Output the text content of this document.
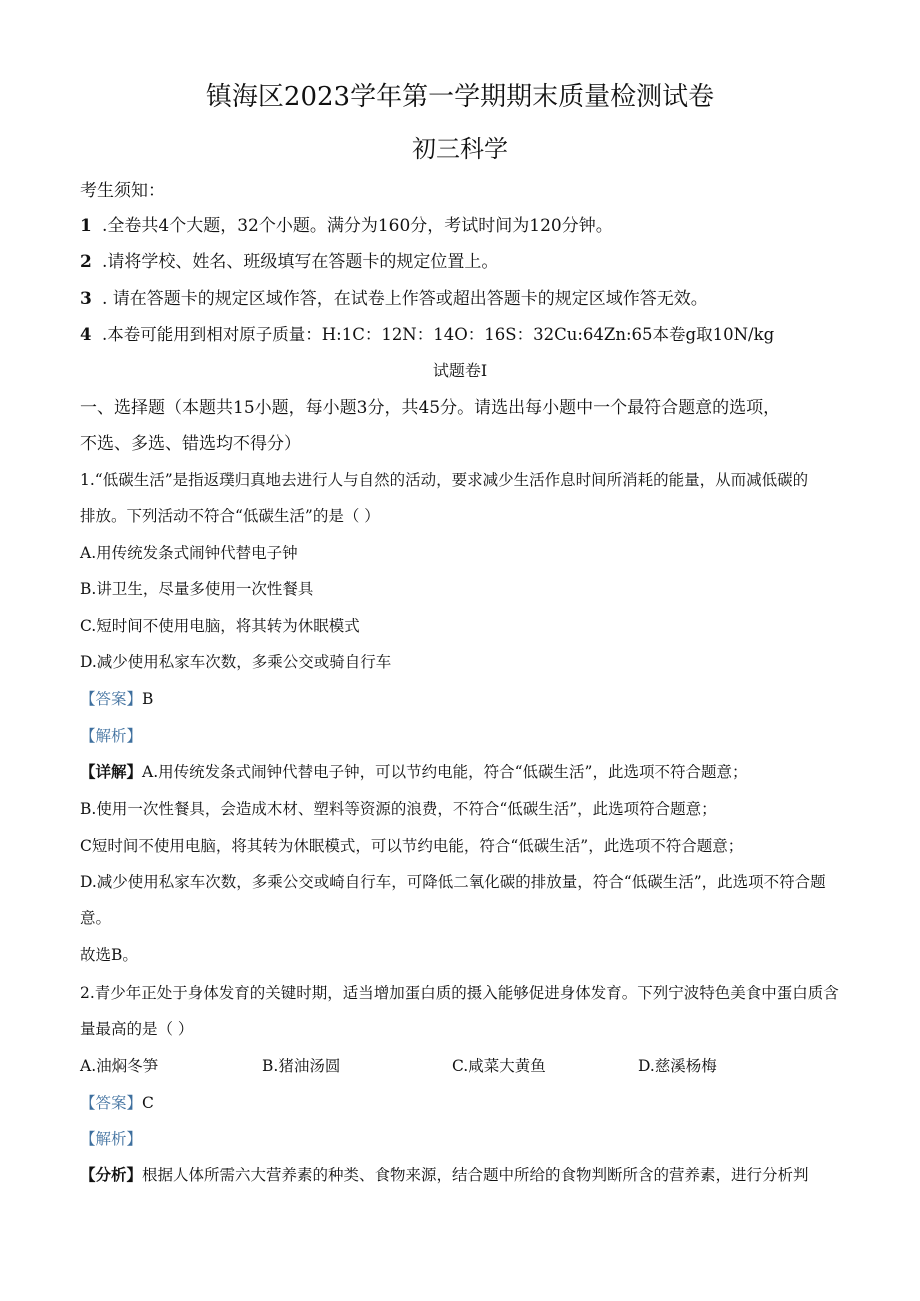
镇海区2023学年第一学期期末质量检测试卷
初三科学
考生须知：
1 .全卷共4个大题，32个小题。满分为160分，考试时间为120分钟。
2 .请将学校、姓名、班级填写在答题卡的规定位置上。
3 . 请在答题卡的规定区域作答，在试卷上作答或超出答题卡的规定区域作答无效。
4 .本卷可能用到相对原子质量：H:1C：12N：14O：16S：32Cu:64Zn:65本卷g取10N/kg
试题卷I
一、选择题（本题共15小题，每小题3分，共45分。请选出每小题中一个最符合题意的选项，
不选、多选、错选均不得分）
1.“低碳生活”是指返璞归真地去进行人与自然的活动，要求减少生活作息时间所消耗的能量，从而减低碳的
排放。下列活动不符合“低碳生活”的是（ ）
A.用传统发条式闹钟代替电子钟
B.讲卫生，尽量多使用一次性餐具
C.短时间不使用电脑，将其转为休眠模式
D.减少使用私家车次数，多乘公交或骑自行车
【答案】B
【解析】
【详解】A.用传统发条式闹钟代替电子钟，可以节约电能，符合“低碳生活”，此选项不符合题意；
B.使用一次性餐具，会造成木材、塑料等资源的浪费，不符合“低碳生活”，此选项符合题意；
C短时间不使用电脑，将其转为休眠模式，可以节约电能，符合“低碳生活”，此选项不符合题意；
D.减少使用私家车次数，多乘公交或崎自行车，可降低二氧化碳的排放量，符合“低碳生活”，此选项不符合题
意。
故选B。
2.青少年正处于身体发育的关键时期，适当增加蛋白质的摄入能够促进身体发育。下列宁波特色美食中蛋白质含
量最高的是（ ）
A.油焖冬笋	B.猪油汤圆	C.咸菜大黄鱼	D.慈溪杨梅
【答案】C
【解析】
【分析】根据人体所需六大营养素的种类、食物来源，结合题中所给的食物判断所含的营养素，进行分析判
